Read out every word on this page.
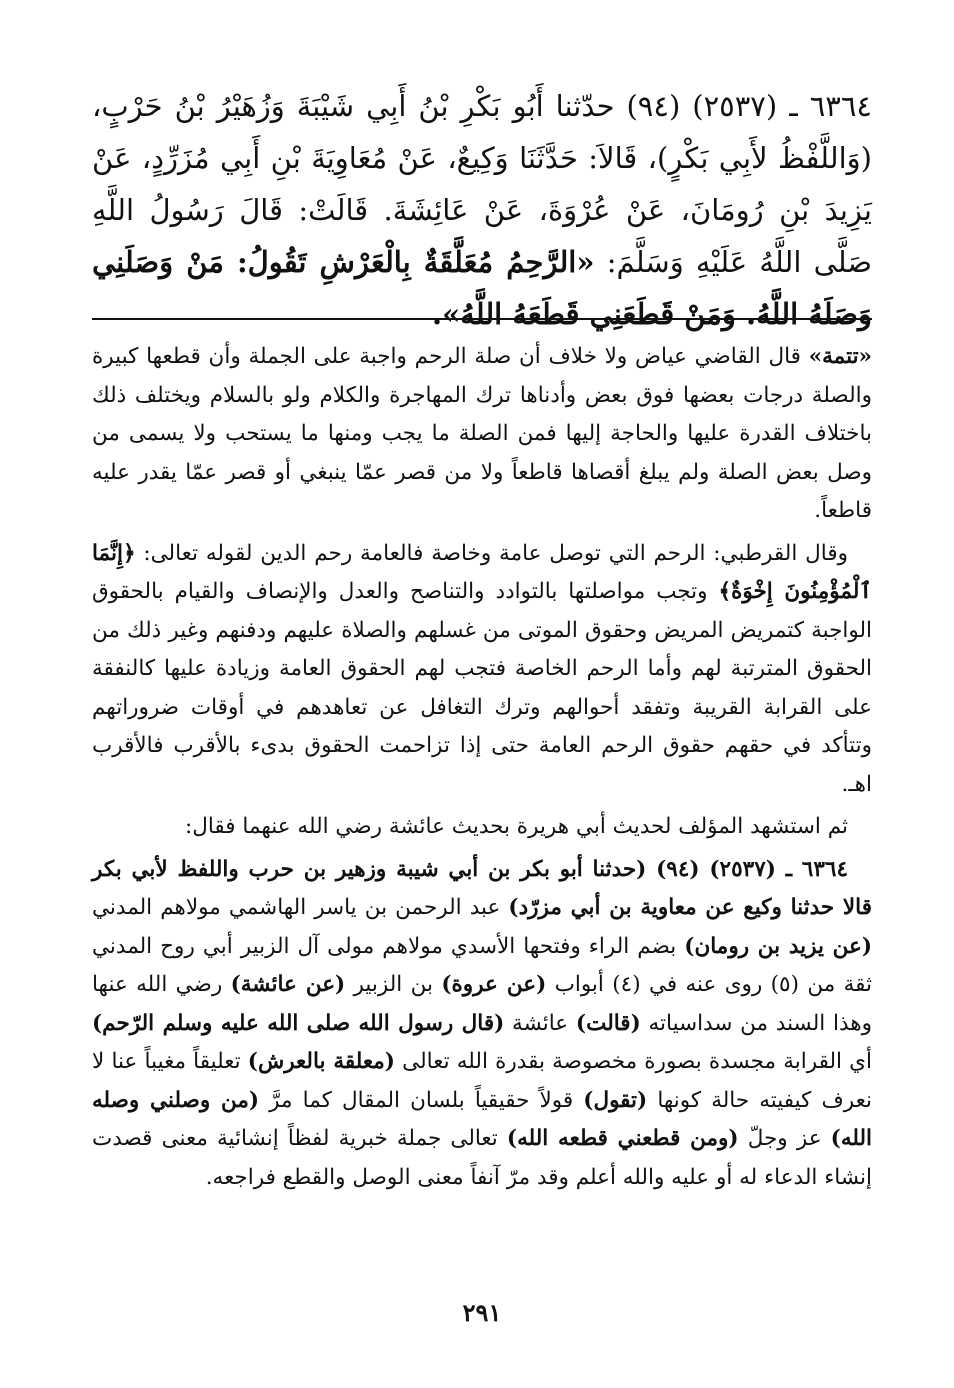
٦٣٦٤ ـ (٢٥٣٧) (٩٤) حدّثنا أَبُو بَكْرِ بْنُ أَبِي شَيْبَةَ وَزُهَيْرُ بْنُ حَرْبٍ، (وَاللَّفْظُ لأَبِي بَكْرٍ)، قَالاَ: حَدَّثَنَا وَكِيعٌ، عَنْ مُعَاوِيَةَ بْنِ أَبِي مُزَرِّدٍ، عَنْ يَزِيدَ بْنِ رُومَانَ، عَنْ عُرْوَةَ، عَنْ عَائِشَةَ. قَالَتْ: قَالَ رَسُولُ اللَّهِ صَلَّى اللَّهُ عَلَيْهِ وَسَلَّمَ: «الرَّحِمُ مُعَلَّقَةٌ بِالْعَرْشِ تَقُولُ: مَنْ وَصَلَنِي وَصَلَهُ اللَّهُ. وَمَنْ قَطَعَنِي قَطَعَهُ اللَّهُ».

«تتمة» قال القاضي عياض ولا خلاف أن صلة الرحم واجبة على الجملة وأن قطعها كبيرة والصلة درجات بعضها فوق بعض وأدناها ترك المهاجرة والكلام ولو بالسلام ويختلف ذلك باختلاف القدرة عليها والحاجة إليها فمن الصلة ما يجب ومنها ما يستحب ولا يسمى من وصل بعض الصلة ولم يبلغ أقصاها قاطعاً ولا من قصر عمّا ينبغي أو قصر عمّا يقدر عليه قاطعاً.

وقال القرطبي: الرحم التي توصل عامة وخاصة فالعامة رحم الدين لقوله تعالى: ﴿إِنَّمَا ٱلْمُؤْمِنُونَ إِخْوَةٌ﴾ وتجب مواصلتها بالتوادد والتناصح والعدل والإنصاف والقيام بالحقوق الواجبة كتمريض المريض وحقوق الموتى من غسلهم والصلاة عليهم ودفنهم وغير ذلك من الحقوق المترتبة لهم وأما الرحم الخاصة فتجب لهم الحقوق العامة وزيادة عليها كالنفقة على القرابة القريبة وتفقد أحوالهم وترك التغافل عن تعاهدهم في أوقات ضروراتهم وتتأكد في حقهم حقوق الرحم العامة حتى إذا تزاحمت الحقوق بدىء بالأقرب فالأقرب اهـ.

ثم استشهد المؤلف لحديث أبي هريرة بحديث عائشة رضي الله عنهما فقال:

٦٣٦٤ ـ (٢٥٣٧) (٩٤) (حدثنا أبو بكر بن أبي شيبة وزهير بن حرب واللفظ لأبي بكر قالا حدثنا وكيع عن معاوية بن أبي مزرّد) عبد الرحمن بن ياسر الهاشمي مولاهم المدني (عن يزيد بن رومان) بضم الراء وفتحها الأسدي مولاهم مولى آل الزبير أبي روح المدني ثقة من (٥) روى عنه في (٤) أبواب (عن عروة) بن الزبير (عن عائشة) رضي الله عنها وهذا السند من سداسياته (قالت) عائشة (قال رسول الله صلى الله عليه وسلم الرّحم) أي القرابة مجسدة بصورة مخصوصة بقدرة الله تعالى (معلقة بالعرش) تعليقاً مغيباً عنا لا نعرف كيفيته حالة كونها (تقول) قولاً حقيقياً بلسان المقال كما مرَّ (من وصلني وصله الله) عز وجلّ (ومن قطعني قطعه الله) تعالى جملة خبرية لفظاً إنشائية معنى قصدت إنشاء الدعاء له أو عليه والله أعلم وقد مرّ آنفاً معنى الوصل والقطع فراجعه.

٢٩١
